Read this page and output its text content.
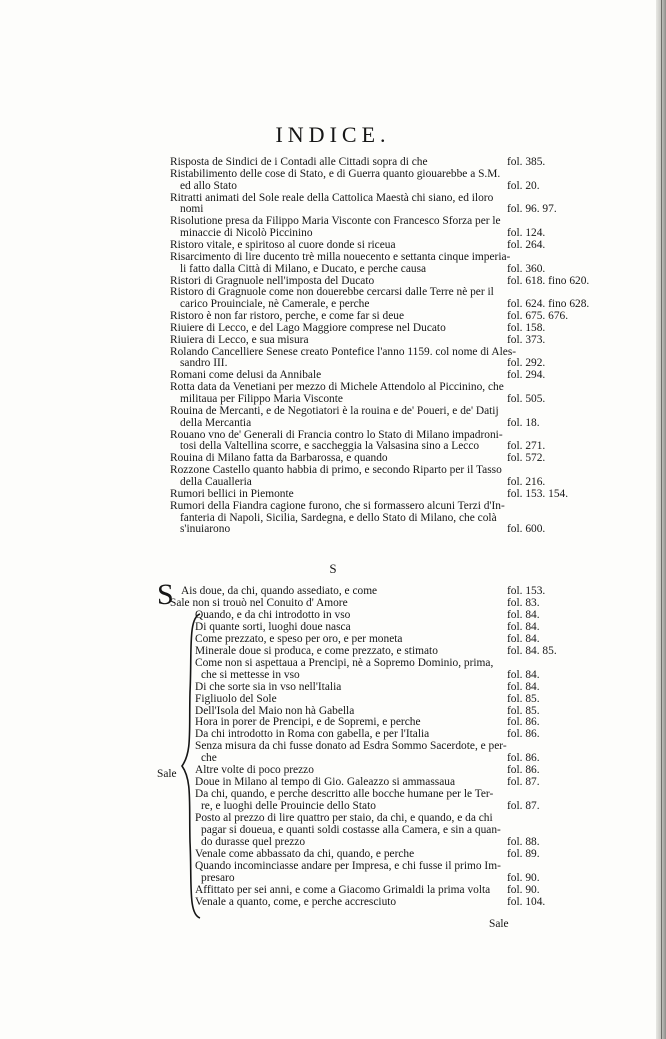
INDICE.
Risposta de Sindici de i Contadi alle Cittadi sopra di che	fol. 385.
Ristabilimento delle cose di Stato, e di Guerra quanto giouarebbe a S.M.
ed allo Stato	fol. 20.
Ritratti animati del Sole reale della Cattolica Maestà chi siano, ed iloro
nomi	fol. 96. 97.
Risolutione presa da Filippo Maria Visconte con Francesco Sforza per le
minaccie di Nicolò Piccinino	fol. 124.
Ristoro vitale, e spiritoso al cuore donde si riceua	fol. 264.
Risarcimento di lire ducento trè milla nouecento e settanta cinque imperia-
li fatto dalla Città di Milano, e Ducato, e perche causa	fol. 360.
Ristori di Gragnuole nell'imposta del Ducato	fol. 618. fino 620.
Ristoro di Gragnuole come non douerebbe cercarsi dalle Terre nè per il
carico Prouinciale, nè Camerale, e perche	fol. 624. fino 628.
Ristoro è non far ristoro, perche, e come far si deue	fol. 675. 676.
Riuiere di Lecco, e del Lago Maggiore comprese nel Ducato	fol. 158.
Riuiera di Lecco, e sua misura	fol. 373.
Rolando Cancelliere Senese creato Pontefice l'anno 1159. col nome di Ales-
sandro III.	fol. 292.
Romani come delusi da Annibale	fol. 294.
Rotta data da Venetiani per mezzo di Michele Attendolo al Piccinino, che
militaua per Filippo Maria Visconte	fol. 505.
Rouina de Mercanti, e de Negotiatori è la rouina e de' Poueri, e de' Datij
della Mercantia	fol. 18.
Rouano vno de' Generali di Francia contro lo Stato di Milano impadroni-
tosi della Valtellina scorre, e saccheggia la Valsasina sino a Lecco fol. 271.
Rouina di Milano fatta da Barbarossa, e quando	fol. 572.
Rozzone Castello quanto habbia di primo, e secondo Riparto per il Tasso
della Caualleria	fol. 216.
Rumori bellici in Piemonte	fol. 153. 154.
Rumori della Fiandra cagione furono, che si formassero alcuni Terzi d'In-
fanteria di Napoli, Sicilia, Sardegna, e dello Stato di Milano, che colà
s'inuiarono	fol. 600.
S
S
Sale
Ais doue, da chi, quando assediato, e come	fol. 153.
Sale non si trouò nel Conuito d' Amore	fol. 83.
Quando, e da chi introdotto in vso	fol. 84.
Di quante sorti, luoghi doue nasca	fol. 84.
Come prezzato, e speso per oro, e per moneta	fol. 84.
Minerale doue si produca, e come prezzato, e stimato	fol. 84. 85.
Come non si aspettaua a Prencipi, nè a Sopremo Dominio, prima,
che si mettesse in vso	fol. 84.
Di che sorte sia in vso nell'Italia	fol. 84.
Figliuolo del Sole	fol. 85.
Dell'Isola del Maio non hà Gabella	fol. 85.
Hora in porer de Prencipi, e de Sopremi, e perche	fol. 86.
Da chi introdotto in Roma con gabella, e per l'Italia	fol. 86.
Senza misura da chi fusse donato ad Esdra Sommo Sacerdote, e per-
che	fol. 86.
Altre volte di poco prezzo	fol. 86.
Doue in Milano al tempo di Gio. Galeazzo si ammassaua	fol. 87.
Da chi, quando, e perche descritto alle bocche humane per le Ter-
re, e luoghi delle Prouincie dello Stato	fol. 87.
Posto al prezzo di lire quattro per staio, da chi, e quando, e da chi
pagar si doueua, e quanti soldi costasse alla Camera, e sin a quan-
do durasse quel prezzo	fol. 88.
Venale come abbassato da chi, quando, e perche	fol. 89.
Quando incominciasse andare per Impresa, e chi fusse il primo Im-
presaro	fol. 90.
Affittato per sei anni, e come a Giacomo Grimaldi la prima volta fol. 90.
Venale a quanto, come, e perche accresciuto	fol. 104.
Sale
